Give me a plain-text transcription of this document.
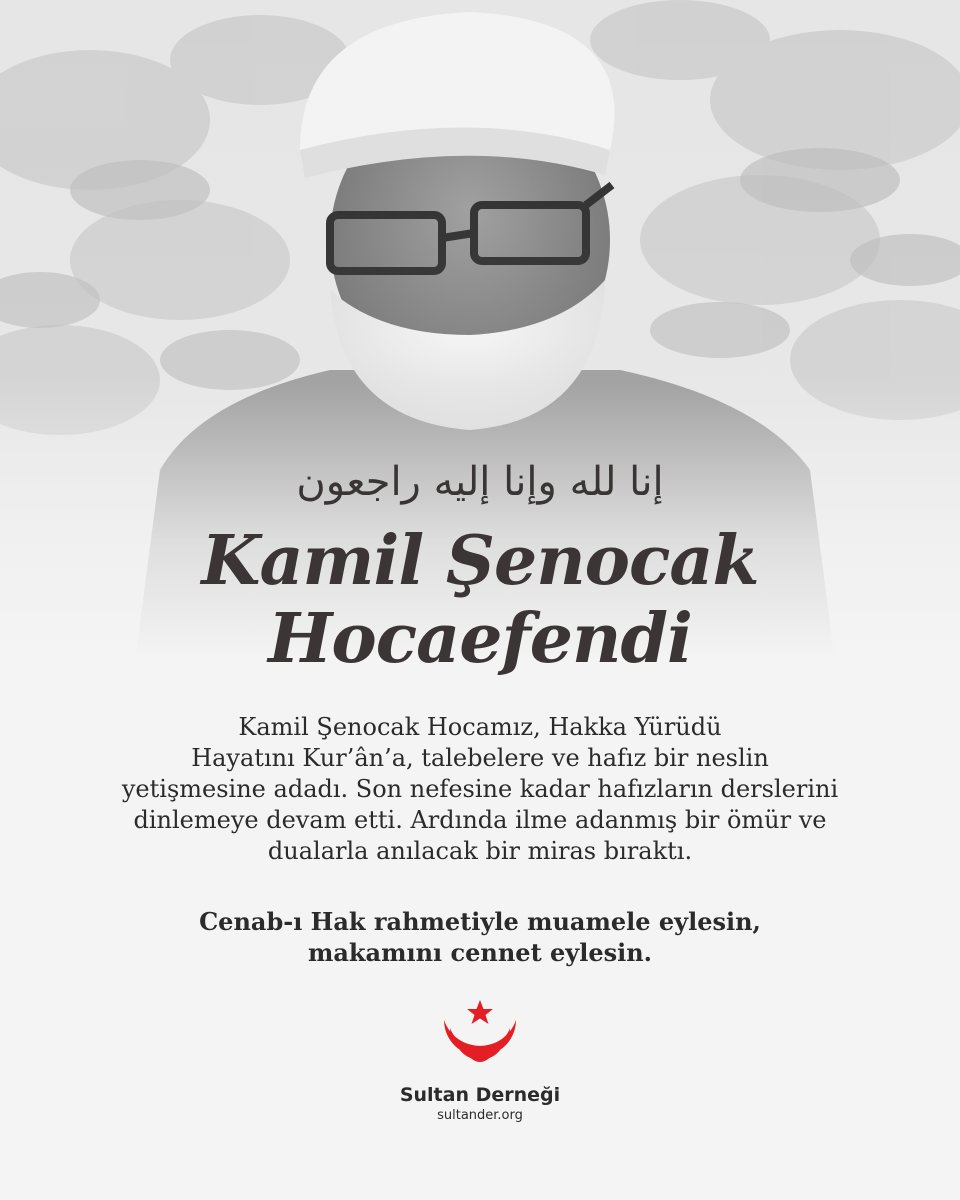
إنا لله وإنا إليه راجعون
Kamil Şenocak
Hocaefendi
Kamil Şenocak Hocamız, Hakka Yürüdü
Hayatını Kur’ân’a, talebelere ve hafız bir neslin
yetişmesine adadı. Son nefesine kadar hafızların derslerini
dinlemeye devam etti. Ardında ilme adanmış bir ömür ve
dualarla anılacak bir miras bıraktı.
Cenab-ı Hak rahmetiyle muamele eylesin,
makamını cennet eylesin.
Sultan Derneği
sultander.org
